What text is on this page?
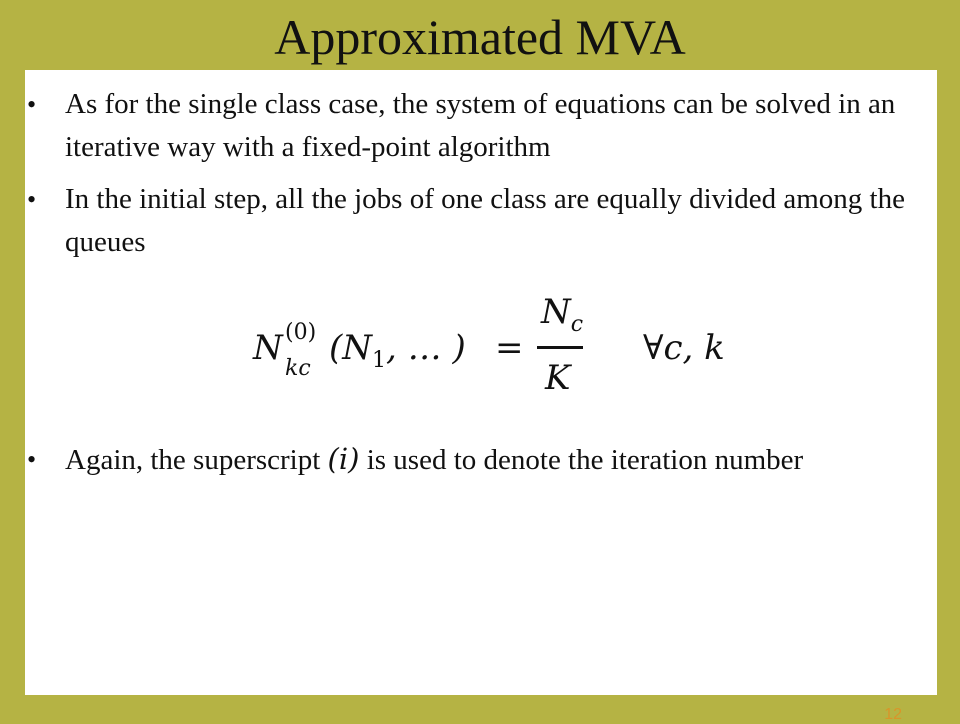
Approximated MVA
• As for the single class case, the system of equations can be solved in an iterative way with a fixed-point algorithm
• In the initial step, all the jobs of one class are equally divided among the queues
N (0)
kc
($N_1$, … ) =
$N_c$
K
∀c, k
• Again, the superscript (i) is used to denote the iteration number
12
